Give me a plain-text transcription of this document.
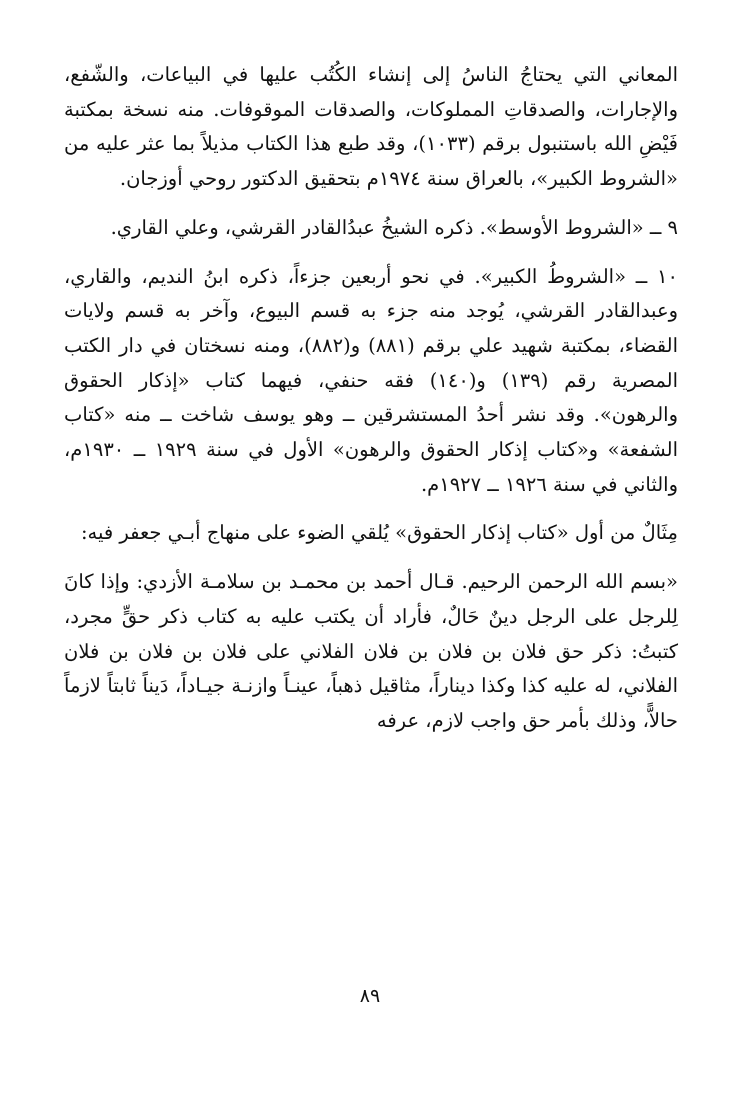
المعاني التي يحتاجُ الناسُ إلى إنشاء الكُتُب عليها في البياعات، والشّفع، والإجارات، والصدقاتِ المملوكات، والصدقات الموقوفات. منه نسخة بمكتبة فَيْضِ الله باستنبول برقم (١٠٣٣)، وقد طبع هذا الكتاب مذيلاً بما عثر عليه من «الشروط الكبير»، بالعراق سنة ١٩٧٤م بتحقيق الدكتور روحي أوزجان.

٩ ــ «الشروط الأوسط». ذكره الشيخُ عبدُالقادر القرشي، وعلي القاري.

١٠ ــ «الشروطُ الكبير». في نحو أربعين جزءاً، ذكره ابنُ النديم، والقاري، وعبدالقادر القرشي، يُوجد منه جزء به قسم البيوع، وآخر به قسم ولايات القضاء، بمكتبة شهيد علي برقم (٨٨١) و(٨٨٢)، ومنه نسختان في دار الكتب المصرية رقم (١٣٩) و(١٤٠) فقه حنفي، فيهما كتاب «إذكار الحقوق والرهون». وقد نشر أحدُ المستشرقين ــ وهو يوسف شاخت ــ منه «كتاب الشفعة» و«كتاب إذكار الحقوق والرهون» الأول في سنة ١٩٢٩ ــ ١٩٣٠م، والثاني في سنة ١٩٢٦ ــ ١٩٢٧م.

مِثَالٌ من أول «كتاب إذكار الحقوق» يُلقي الضوء على منهاج أبـي جعفر فيه:

«بسم الله الرحمن الرحيم. قـال أحمد بن محمـد بن سلامـة الأزدي: وإذا كانَ لِلرجل على الرجل دينٌ حَالٌ، فأراد أن يكتب عليه به كتاب ذكر حقٍّ مجرد، كتبتُ: ذكر حق فلان بن فلان بن فلان الفلاني على فلان بن فلان بن فلان الفلاني، له عليه كذا وكذا ديناراً، مثاقيل ذهباً، عينـاً وازنـة جيـاداً، دَيناً ثابتاً لازماً حالاًّ، وذلك بأمر حق واجب لازم، عرفه

٨٩
